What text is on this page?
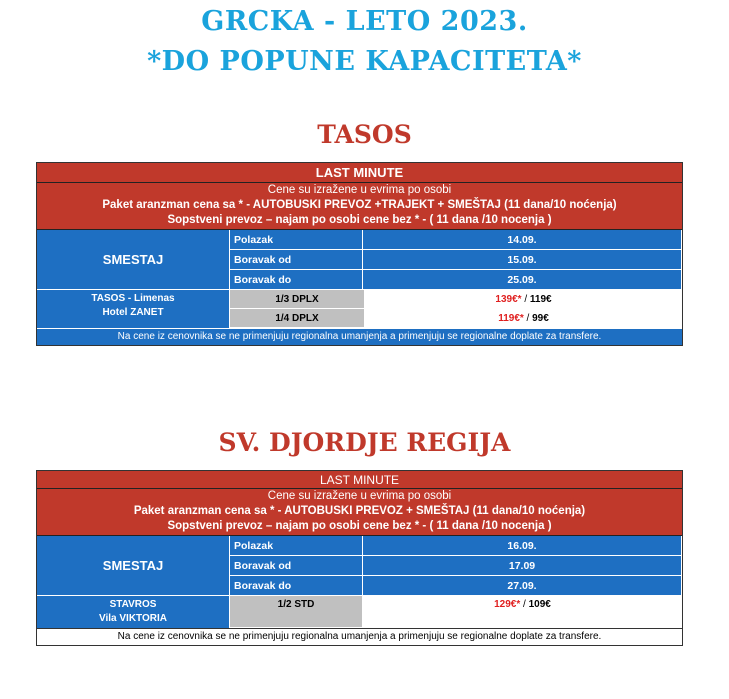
GRCKA - LETO 2023.
*DO POPUNE KAPACITETA*
TASOS
LAST MINUTE
Cene su izražene u evrima po osobi
Paket aranzman cena sa * - AUTOBUSKI PREVOZ +TRAJEKT + SMEŠTAJ (11 dana/10 noćenja)
Sopstveni prevoz – najam po osobi cene bez * - ( 11 dana /10 nocenja )
SMESTAJ
Polazak	14.09.
Boravak od	15.09.
Boravak do	25.09.
TASOS - Limenas
Hotel ZANET
1/3 DPLX	139€* / 119€
1/4 DPLX	119€* / 99€
Na cene iz cenovnika se ne primenjuju regionalna umanjenja a primenjuju se regionalne doplate za transfere.
SV. DJORDJE REGIJA
LAST MINUTE
Cene su izražene u evrima po osobi
Paket aranzman cena sa * - AUTOBUSKI PREVOZ + SMEŠTAJ (11 dana/10 noćenja)
Sopstveni prevoz – najam po osobi cene bez * - ( 11 dana /10 nocenja )
SMESTAJ
Polazak	16.09.
Boravak od	17.09
Boravak do	27.09.
STAVROS
Vila VIKTORIA
1/2 STD	129€* / 109€
Na cene iz cenovnika se ne primenjuju regionalna umanjenja a primenjuju se regionalne doplate za transfere.
